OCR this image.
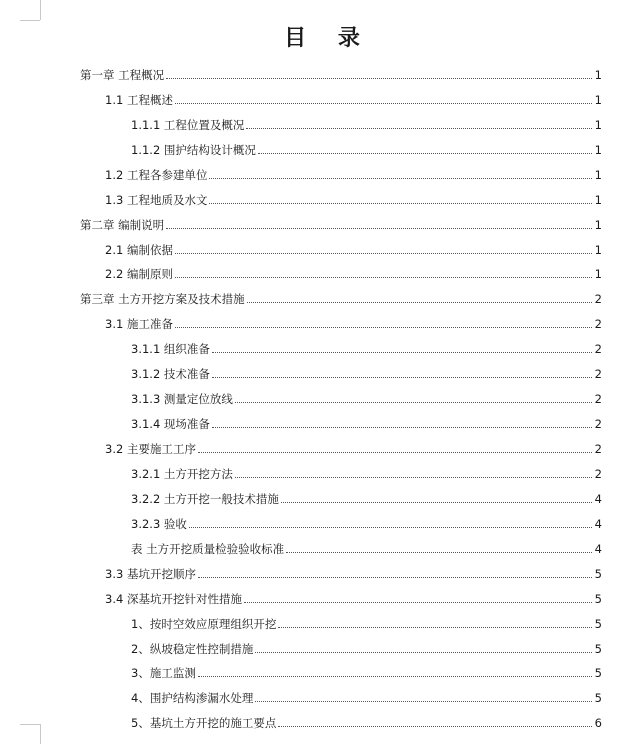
目 录
第一章 工程概况	1
1.1 工程概述	1
1.1.1 工程位置及概况	1
1.1.2 围护结构设计概况	1
1.2 工程各参建单位	1
1.3 工程地质及水文	1
第二章 编制说明	1
2.1 编制依据	1
2.2 编制原则	1
第三章 土方开挖方案及技术措施	2
3.1 施工准备	2
3.1.1 组织准备	2
3.1.2 技术准备	2
3.1.3 测量定位放线	2
3.1.4 现场准备	2
3.2 主要施工工序	2
3.2.1 土方开挖方法	2
3.2.2 土方开挖一般技术措施	4
3.2.3 验收	4
表 土方开挖质量检验验收标准	4
3.3 基坑开挖顺序	5
3.4 深基坑开挖针对性措施	5
1、按时空效应原理组织开挖	5
2、纵坡稳定性控制措施	5
3、施工监测	5
4、围护结构渗漏水处理	5
5、基坑土方开挖的施工要点	6
